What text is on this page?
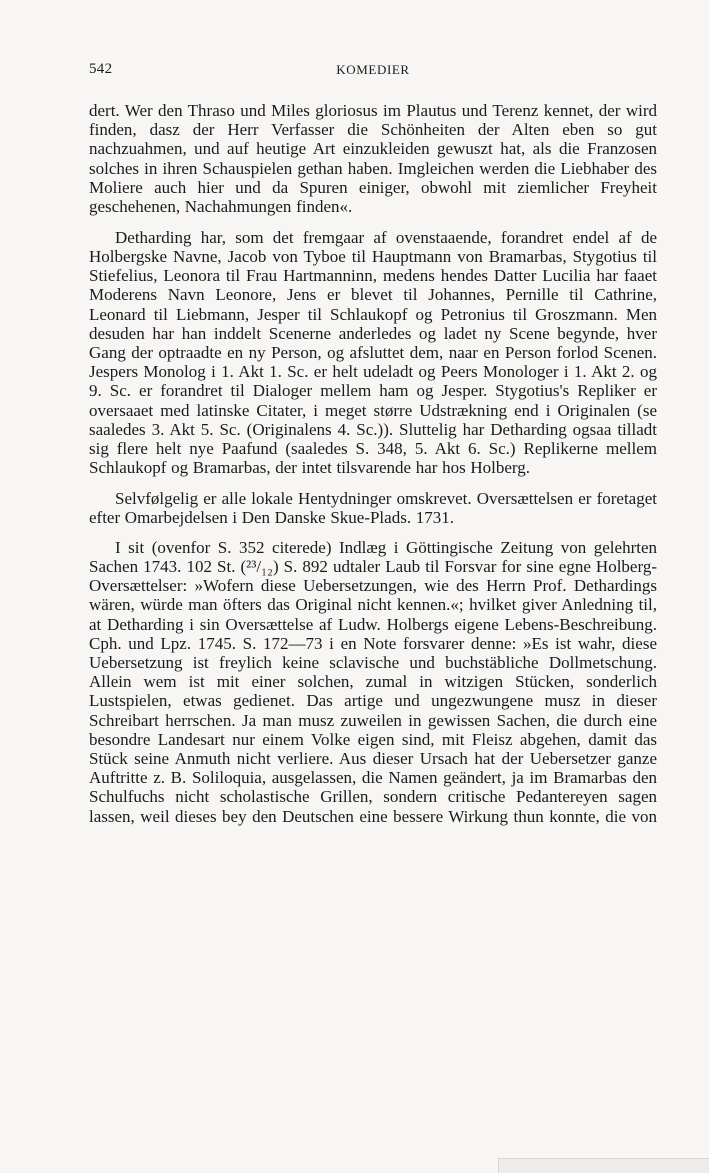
542	KOMEDIER

dert. Wer den Thraso und Miles gloriosus im Plautus und Terenz kennet, der wird finden, dasz der Herr Verfasser die Schönheiten der Alten eben so gut nachzuahmen, und auf heutige Art einzukleiden gewuszt hat, als die Franzosen solches in ihren Schauspielen gethan haben. Imgleichen werden die Liebhaber des Moliere auch hier und da Spuren einiger, obwohl mit ziemlicher Freyheit geschehenen, Nachahmungen finden«.

Detharding har, som det fremgaar af ovenstaaende, forandret endel af de Holbergske Navne, Jacob von Tyboe til Hauptmann von Bramarbas, Stygotius til Stiefelius, Leonora til Frau Hartmanninn, medens hendes Datter Lucilia har faaet Moderens Navn Leonore, Jens er blevet til Johannes, Pernille til Cathrine, Leonard til Liebmann, Jesper til Schlaukopf og Petronius til Groszmann. Men desuden har han inddelt Scenerne anderledes og ladet ny Scene begynde, hver Gang der optraadte en ny Person, og afsluttet dem, naar en Person forlod Scenen. Jespers Monolog i 1. Akt 1. Sc. er helt udeladt og Peers Monologer i 1. Akt 2. og 9. Sc. er forandret til Dialoger mellem ham og Jesper. Stygotius's Repliker er oversaaet med latinske Citater, i meget større Udstrækning end i Originalen (se saaledes 3. Akt 5. Sc. (Originalens 4. Sc.)). Sluttelig har Detharding ogsaa tilladt sig flere helt nye Paafund (saaledes S. 348, 5. Akt 6. Sc.) Replikerne mellem Schlaukopf og Bramarbas, der intet tilsvarende har hos Holberg.

Selvfølgelig er alle lokale Hentydninger omskrevet. Oversættelsen er foretaget efter Omarbejdelsen i Den Danske Skue-Plads. 1731.

I sit (ovenfor S. 352 citerede) Indlæg i Göttingische Zeitung von gelehrten Sachen 1743. 102 St. (²³/₁₂) S. 892 udtaler Laub til Forsvar for sine egne Holberg-Oversættelser: »Wofern diese Uebersetzungen, wie des Herrn Prof. Dethardings wären, würde man öfters das Original nicht kennen.«; hvilket giver Anledning til, at Detharding i sin Oversættelse af Ludw. Holbergs eigene Lebens-Beschreibung. Cph. und Lpz. 1745. S. 172—73 i en Note forsvarer denne: »Es ist wahr, diese Uebersetzung ist freylich keine sclavische und buchstäbliche Dollmetschung. Allein wem ist mit einer solchen, zumal in witzigen Stücken, sonderlich Lustspielen, etwas gedienet. Das artige und ungezwungene musz in dieser Schreibart herrschen. Ja man musz zuweilen in gewissen Sachen, die durch eine besondre Landesart nur einem Volke eigen sind, mit Fleisz abgehen, damit das Stück seine Anmuth nicht verliere. Aus dieser Ursach hat der Uebersetzer ganze Auftritte z. B. Soliloquia, ausgelassen, die Namen geändert, ja im Bramarbas den Schulfuchs nicht scholastische Grillen, sondern critische Pedantereyen sagen lassen, weil dieses bey den Deutschen eine bessere Wirkung thun konnte, die von
